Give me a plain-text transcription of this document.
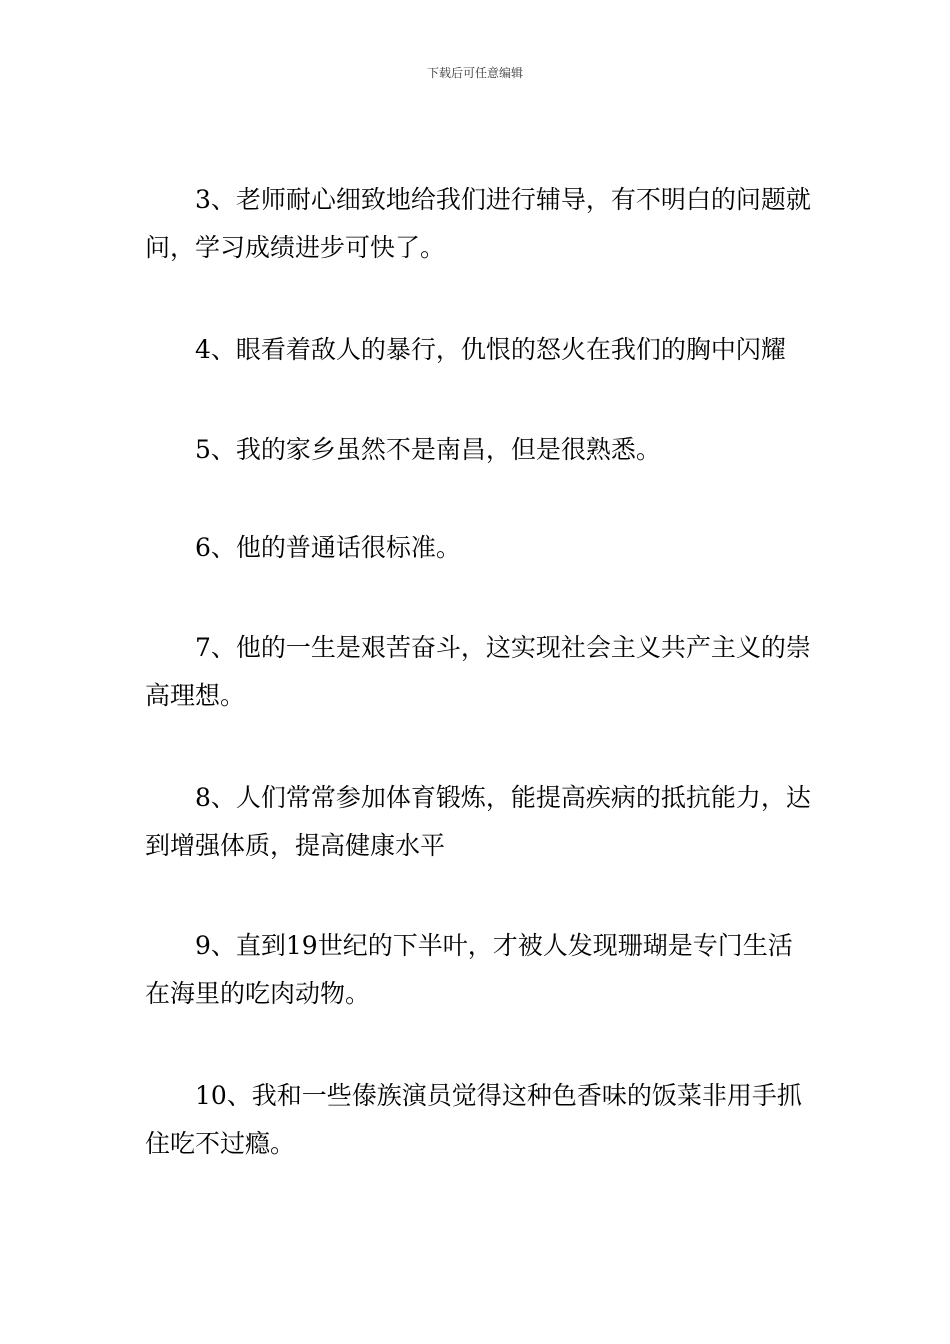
下载后可任意编辑

3、老师耐心细致地给我们进行辅导，有不明白的问题就问，学习成绩进步可快了。

4、眼看着敌人的暴行，仇恨的怒火在我们的胸中闪耀

5、我的家乡虽然不是南昌，但是很熟悉。

6、他的普通话很标准。

7、他的一生是艰苦奋斗，这实现社会主义共产主义的崇高理想。

8、人们常常参加体育锻炼，能提高疾病的抵抗能力，达到增强体质，提高健康水平

9、直到19世纪的下半叶，才被人发现珊瑚是专门生活在海里的吃肉动物。

10、我和一些傣族演员觉得这种色香味的饭菜非用手抓住吃不过瘾。
